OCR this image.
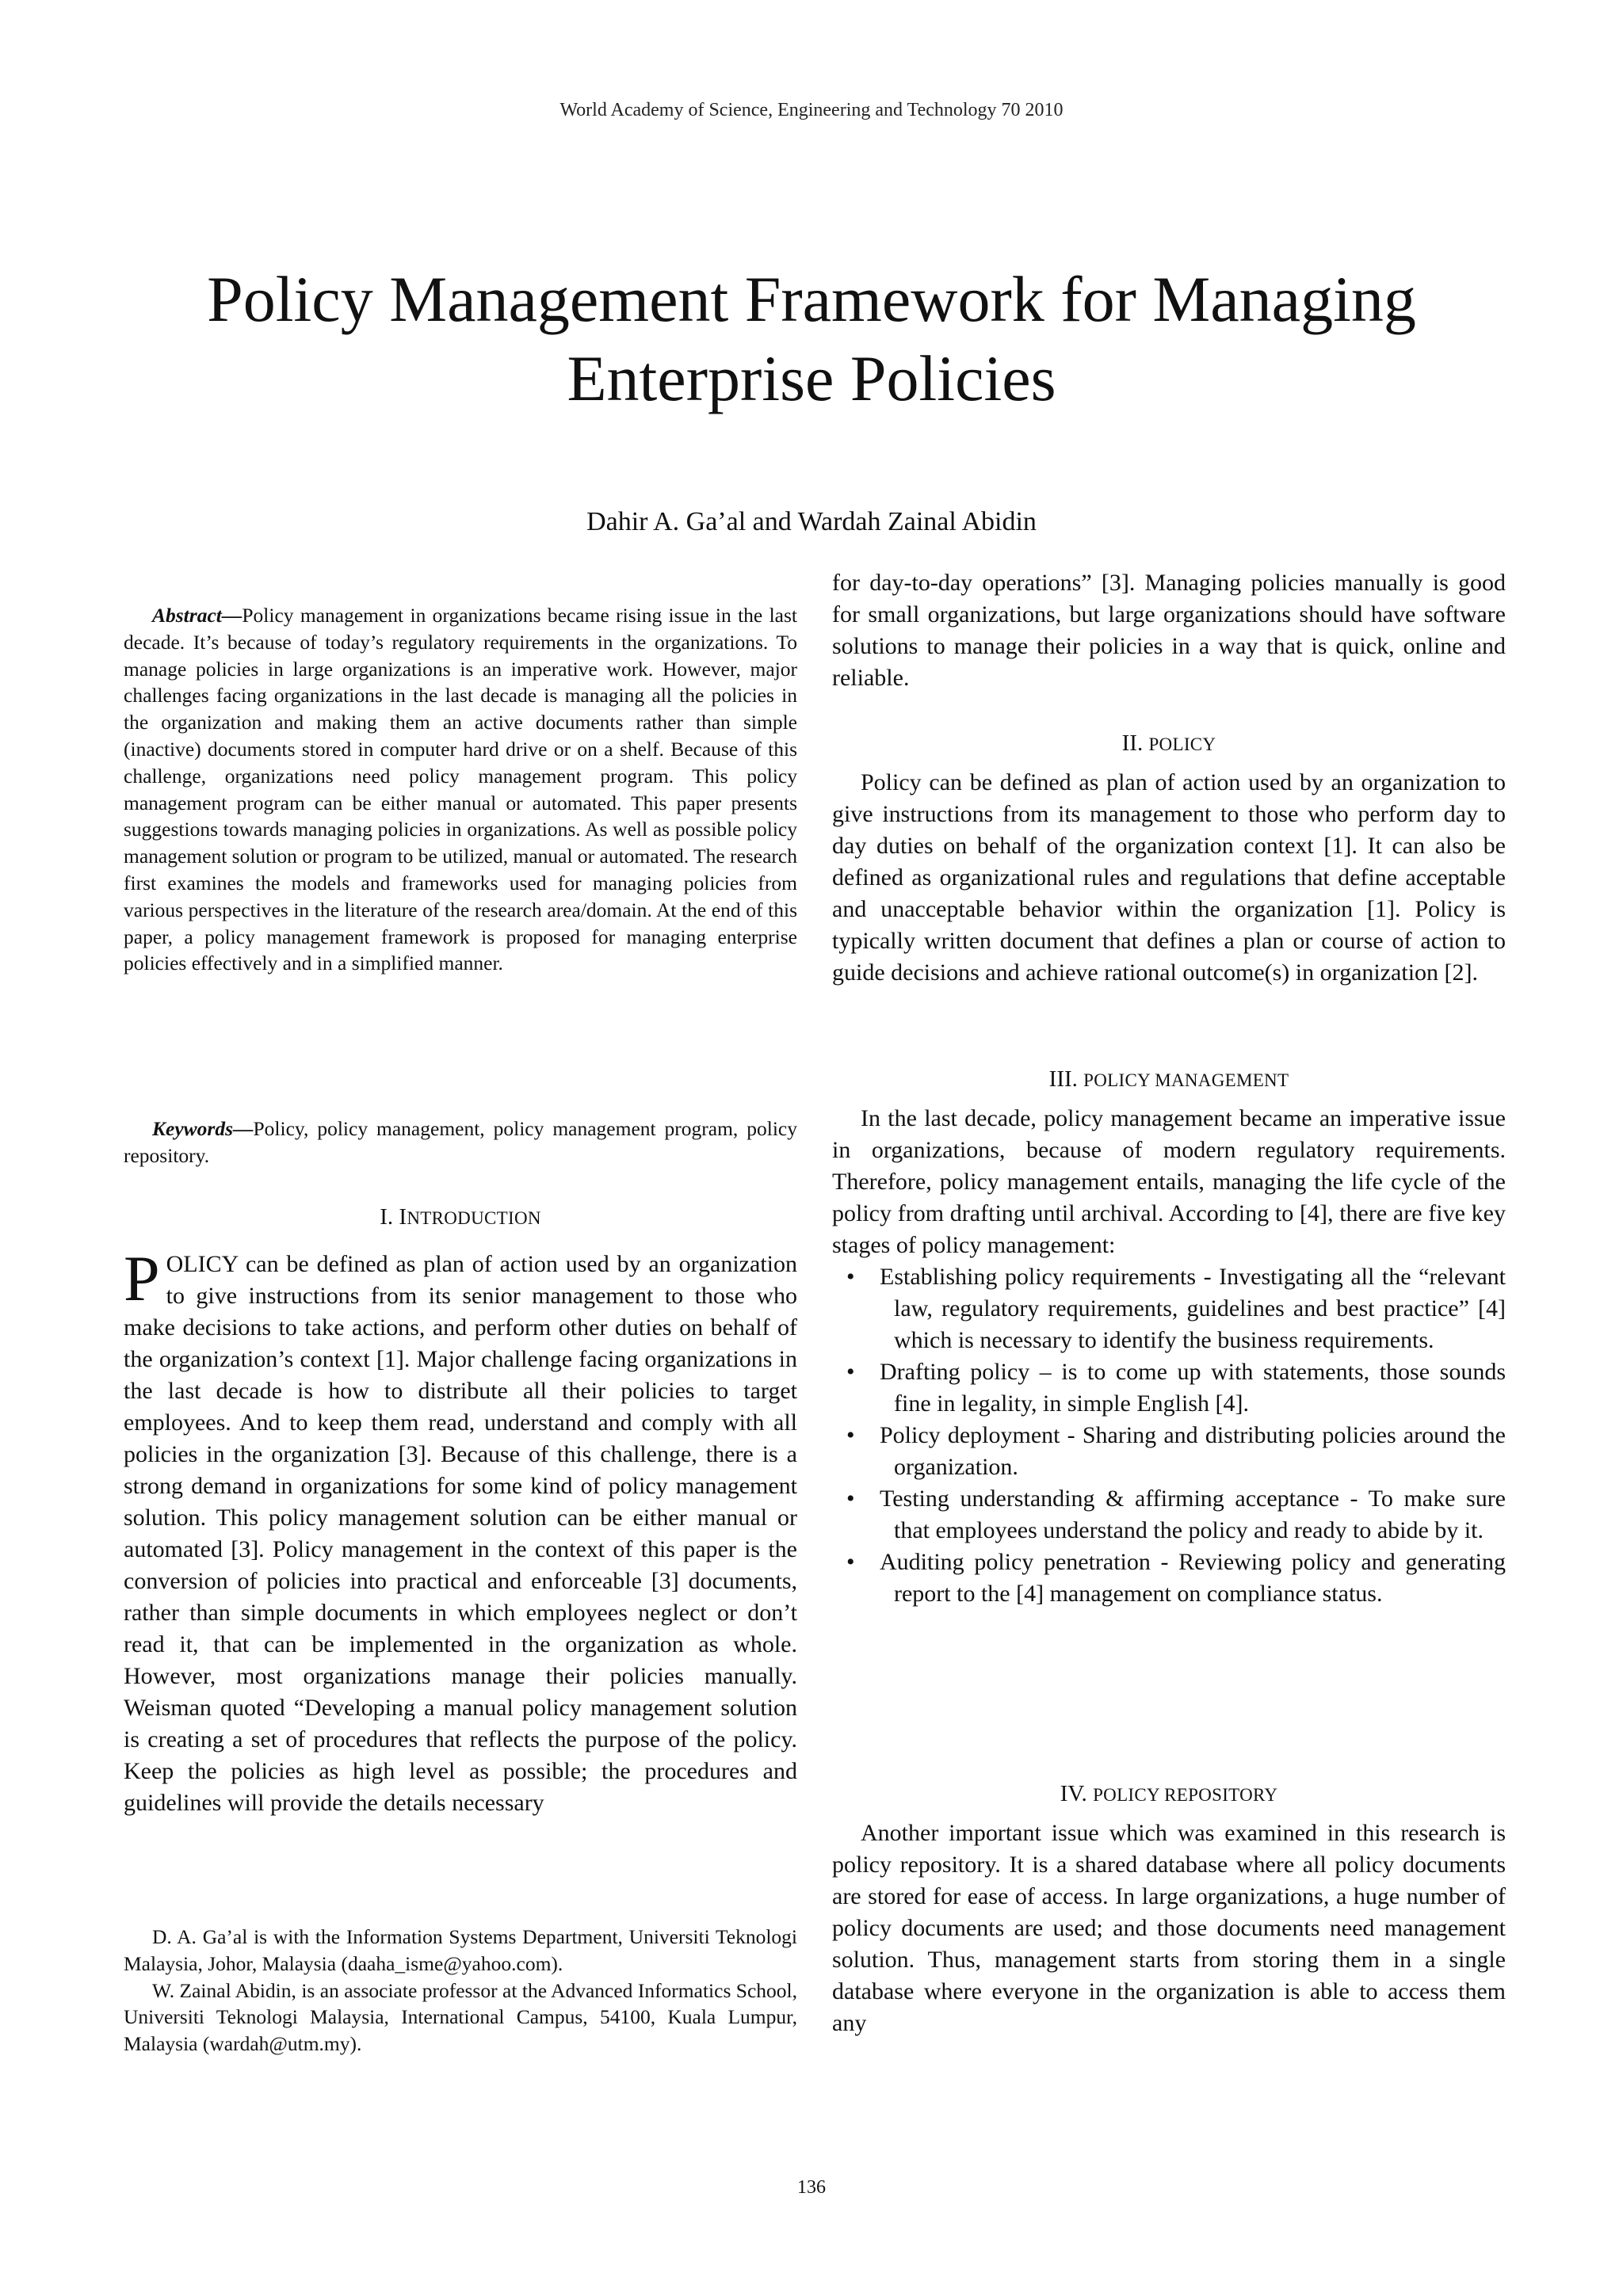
World Academy of Science, Engineering and Technology 70 2010
Policy Management Framework for Managing
Enterprise Policies
Dahir A. Ga’al and Wardah Zainal Abidin

Abstract—Policy management in organizations became rising issue in the last decade. It’s because of today’s regulatory requirements in the organizations. To manage policies in large organizations is an imperative work. However, major challenges facing organizations in the last decade is managing all the policies in the organization and making them an active documents rather than simple (inactive) documents stored in computer hard drive or on a shelf. Because of this challenge, organizations need policy management program. This policy management program can be either manual or automated. This paper presents suggestions towards managing policies in organizations. As well as possible policy management solution or program to be utilized, manual or automated. The research first examines the models and frameworks used for managing policies from various perspectives in the literature of the research area/domain. At the end of this paper, a policy management framework is proposed for managing enterprise policies effectively and in a simplified manner.

Keywords—Policy, policy management, policy management program, policy repository.

I. INTRODUCTION

P OLICY can be defined as plan of action used by an organization to give instructions from its senior management to those who make decisions to take actions, and perform other duties on behalf of the organization’s context [1]. Major challenge facing organizations in the last decade is how to distribute all their policies to target employees. And to keep them read, understand and comply with all policies in the organization [3]. Because of this challenge, there is a strong demand in organizations for some kind of policy management solution. This policy management solution can be either manual or automated [3]. Policy management in the context of this paper is the conversion of policies into practical and enforceable [3] documents, rather than simple documents in which employees neglect or don’t read it, that can be implemented in the organization as whole. However, most organizations manage their policies manually. Weisman quoted “Developing a manual policy management solution is creating a set of procedures that reflects the purpose of the policy. Keep the policies as high level as possible; the procedures and guidelines will provide the details necessary

D. A. Ga’al is with the Information Systems Department, Universiti Teknologi Malaysia, Johor, Malaysia (daaha_isme@yahoo.com).

W. Zainal Abidin, is an associate professor at the Advanced Informatics School, Universiti Teknologi Malaysia, International Campus, 54100, Kuala Lumpur, Malaysia (wardah@utm.my).

for day-to-day operations” [3]. Managing policies manually is good for small organizations, but large organizations should have software solutions to manage their policies in a way that is quick, online and reliable.

II. POLICY

Policy can be defined as plan of action used by an organization to give instructions from its management to those who perform day to day duties on behalf of the organization context [1]. It can also be defined as organizational rules and regulations that define acceptable and unacceptable behavior within the organization [1]. Policy is typically written document that defines a plan or course of action to guide decisions and achieve rational outcome(s) in organization [2].

III. POLICY MANAGEMENT

In the last decade, policy management became an imperative issue in organizations, because of modern regulatory requirements. Therefore, policy management entails, managing the life cycle of the policy from drafting until archival. According to [4], there are five key stages of policy management:

• Establishing policy requirements - Investigating all the “relevant law, regulatory requirements, guidelines and best practice” [4] which is necessary to identify the business requirements.
• Drafting policy – is to come up with statements, those sounds fine in legality, in simple English [4].
• Policy deployment - Sharing and distributing policies around the organization.
• Testing understanding & affirming acceptance - To make sure that employees understand the policy and ready to abide by it.
• Auditing policy penetration - Reviewing policy and generating report to the [4] management on compliance status.

IV. POLICY REPOSITORY

Another important issue which was examined in this research is policy repository. It is a shared database where all policy documents are stored for ease of access. In large organizations, a huge number of policy documents are used; and those documents need management solution. Thus, management starts from storing them in a single database where everyone in the organization is able to access them any

136
